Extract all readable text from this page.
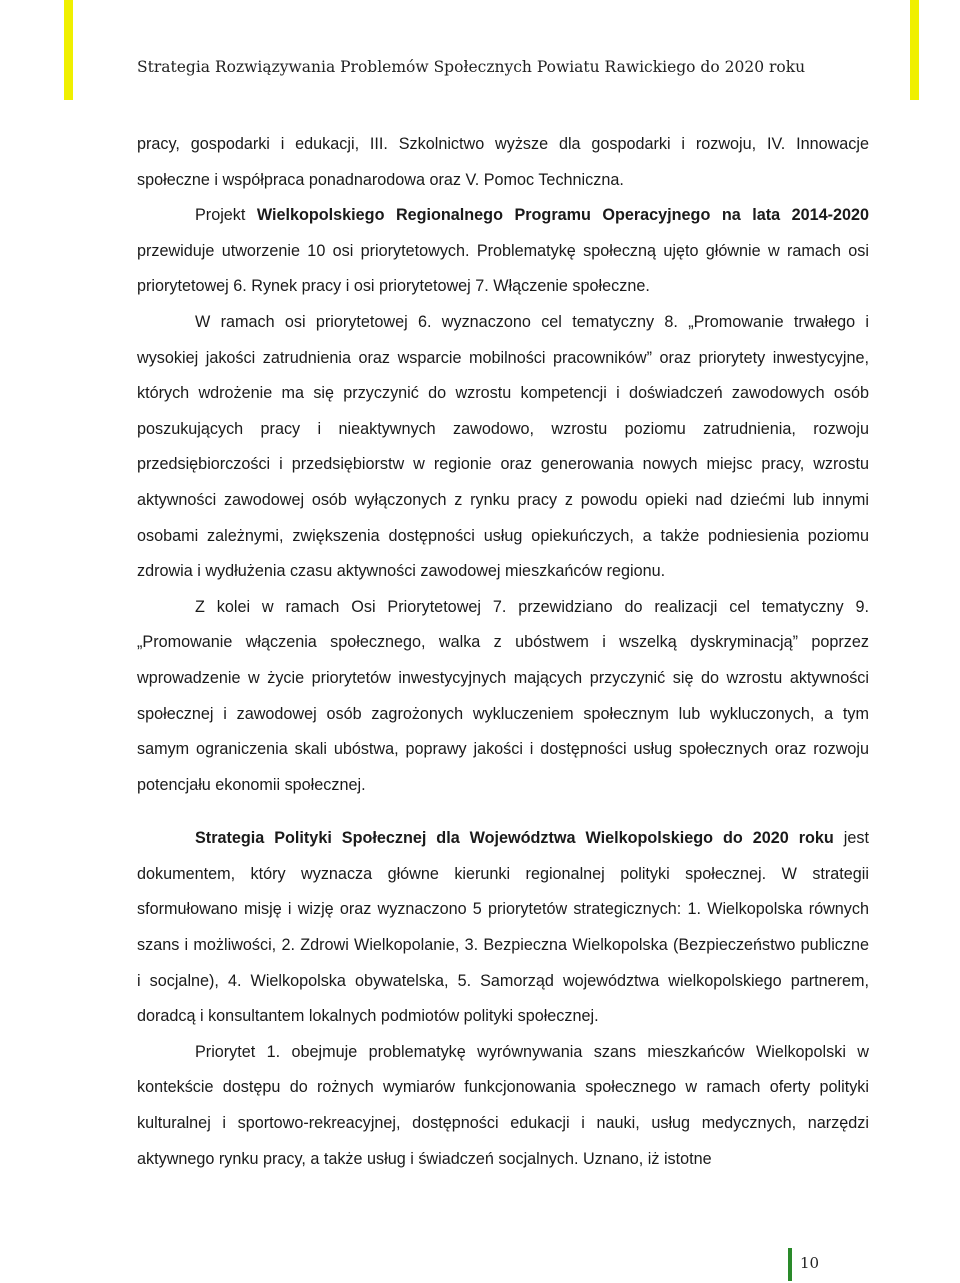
Strategia Rozwiązywania Problemów Społecznych Powiatu Rawickiego do 2020 roku

pracy, gospodarki i edukacji, III. Szkolnictwo wyższe dla gospodarki i rozwoju, IV. Innowacje społeczne i współpraca ponadnarodowa oraz V. Pomoc Techniczna.

Projekt Wielkopolskiego Regionalnego Programu Operacyjnego na lata 2014-2020 przewiduje utworzenie 10 osi priorytetowych. Problematykę społeczną ujęto głównie w ramach osi priorytetowej 6. Rynek pracy i osi priorytetowej 7. Włączenie społeczne.

W ramach osi priorytetowej 6. wyznaczono cel tematyczny 8. „Promowanie trwałego i wysokiej jakości zatrudnienia oraz wsparcie mobilności pracowników” oraz priorytety inwestycyjne, których wdrożenie ma się przyczynić do wzrostu kompetencji i doświadczeń zawodowych osób poszukujących pracy i nieaktywnych zawodowo, wzrostu poziomu zatrudnienia, rozwoju przedsiębiorczości i przedsiębiorstw w regionie oraz generowania nowych miejsc pracy, wzrostu aktywności zawodowej osób wyłączonych z rynku pracy z powodu opieki nad dziećmi lub innymi osobami zależnymi, zwiększenia dostępności usług opiekuńczych, a także podniesienia poziomu zdrowia i wydłużenia czasu aktywności zawodowej mieszkańców regionu.

Z kolei w ramach Osi Priorytetowej 7. przewidziano do realizacji cel tematyczny 9. „Promowanie włączenia społecznego, walka z ubóstwem i wszelką dyskryminacją” poprzez wprowadzenie w życie priorytetów inwestycyjnych mających przyczynić się do wzrostu aktywności społecznej i zawodowej osób zagrożonych wykluczeniem społecznym lub wykluczonych, a tym samym ograniczenia skali ubóstwa, poprawy jakości i dostępności usług społecznych oraz rozwoju potencjału ekonomii społecznej.

Strategia Polityki Społecznej dla Województwa Wielkopolskiego do 2020 roku jest dokumentem, który wyznacza główne kierunki regionalnej polityki społecznej. W strategii sformułowano misję i wizję oraz wyznaczono 5 priorytetów strategicznych: 1. Wielkopolska równych szans i możliwości, 2. Zdrowi Wielkopolanie, 3. Bezpieczna Wielkopolska (Bezpieczeństwo publiczne i socjalne), 4. Wielkopolska obywatelska, 5. Samorząd województwa wielkopolskiego partnerem, doradcą i konsultantem lokalnych podmiotów polityki społecznej.

Priorytet 1. obejmuje problematykę wyrównywania szans mieszkańców Wielkopolski w kontekście dostępu do rożnych wymiarów funkcjonowania społecznego w ramach oferty polityki kulturalnej i sportowo-rekreacyjnej, dostępności edukacji i nauki, usług medycznych, narzędzi aktywnego rynku pracy, a także usług i świadczeń socjalnych. Uznano, iż istotne

10
